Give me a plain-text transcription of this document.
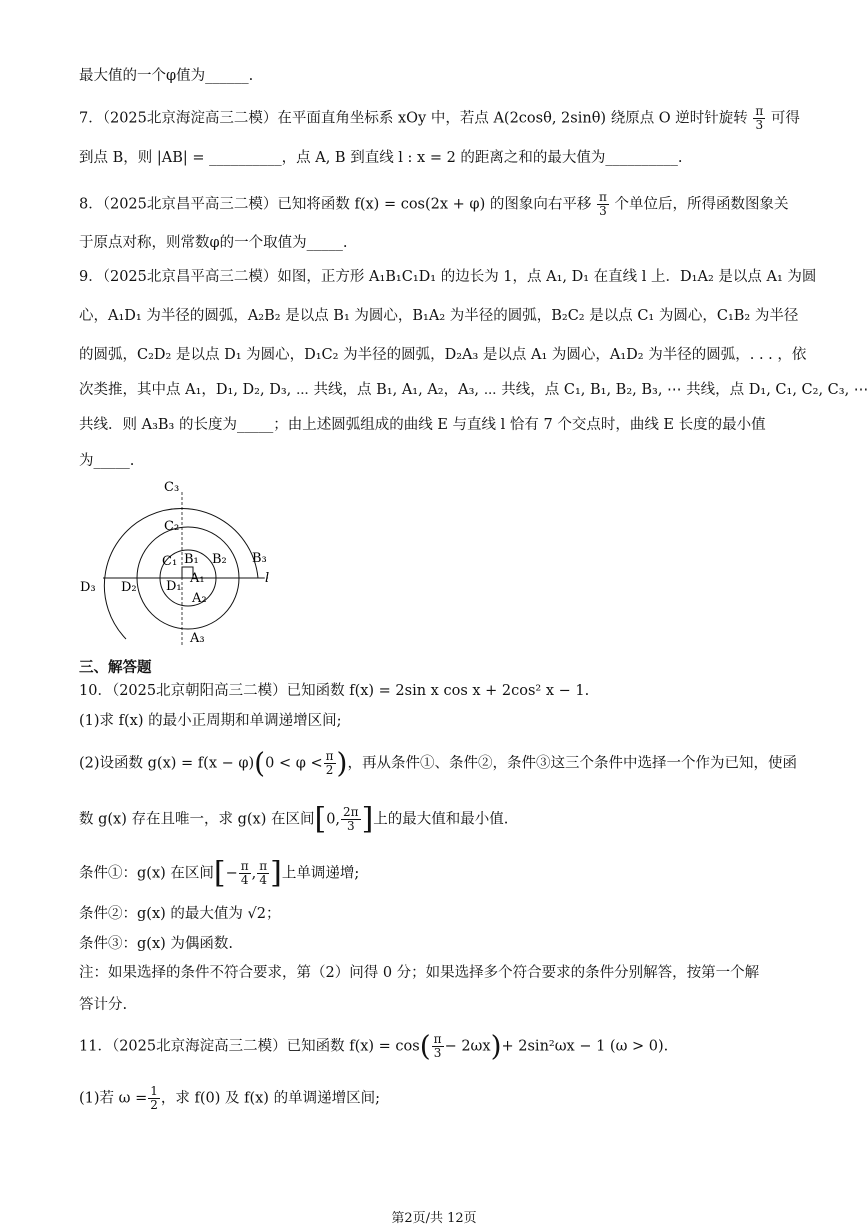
最大值的一个φ值为______.
7．（2025北京海淀高三二模）在平面直角坐标系 xOy 中，若点 A(2cosθ, 2sinθ) 绕原点 O 逆时针旋转 $\frac{\pi}{3}$ 可得
到点 B，则 |AB| = __________，点 A, B 到直线 l : x = 2 的距离之和的最大值为__________.
8．（2025北京昌平高三二模）已知将函数 f(x) = cos(2x + φ) 的图象向右平移 $\frac{\pi}{3}$ 个单位后，所得函数图象关
于原点对称，则常数φ的一个取值为_____.
9．（2025北京昌平高三二模）如图，正方形 A₁B₁C₁D₁ 的边长为 1，点 A₁, D₁ 在直线 l 上．D₁A₂ 是以点 A₁ 为圆
心，A₁D₁ 为半径的圆弧，A₂B₂ 是以点 B₁ 为圆心，B₁A₂ 为半径的圆弧，B₂C₂ 是以点 C₁ 为圆心，C₁B₂ 为半径
的圆弧，C₂D₂ 是以点 D₁ 为圆心，D₁C₂ 为半径的圆弧，D₂A₃ 是以点 A₁ 为圆心，A₁D₂ 为半径的圆弧，. . . ，依
次类推，其中点 A₁，D₁, D₂, D₃, ⋯ 共线，点 B₁, A₁, A₂，A₃, ⋯ 共线，点 C₁, B₁, B₂, B₃, ⋯ 共线，点 D₁, C₁, C₂, C₃, ⋯
共线．则 A₃B₃ 的长度为_____；由上述圆弧组成的曲线 E 与直线 l 恰有 7 个交点时，曲线 E 长度的最小值
为_____.
C₃
C₂
C₁ B₁ B₂ B₃
D₃ D₂ D₁
A₁
A₂
A₃
l
三、解答题
10．（2025北京朝阳高三二模）已知函数 f(x) = 2sin x cos x + 2cos² x − 1.
(1)求 f(x) 的最小正周期和单调递增区间;
(2)设函数 $g(x) = f(x - \varphi)(0 < \varphi < \frac{\pi}{2}$ )，再从条件①、条件②，条件③这三个条件中选择一个作为已知，使函
数 g(x) 存在且唯一，求 g(x) 在区间[0, $\frac{2\pi}{3}$ ]上的最大值和最小值.
条件①：g(x) 在区间[− $\frac{\pi}{4}$ , $\frac{\pi}{4}$ ]上单调递增;
条件②：g(x) 的最大值为 √2；
条件③：g(x) 为偶函数.
注：如果选择的条件不符合要求，第（2）问得 0 分；如果选择多个符合要求的条件分别解答，按第一个解
答计分.
11．（2025北京海淀高三二模）已知函数 $f(x) = \cos( \frac{\pi}{3} - 2\omega x)+ 2\sin^2\omega x - 1$ (ω > 0).
(1)若 $\omega = \frac{1}{2}$ ，求 f(0) 及 f(x) 的单调递增区间;
第2页/共 12页
